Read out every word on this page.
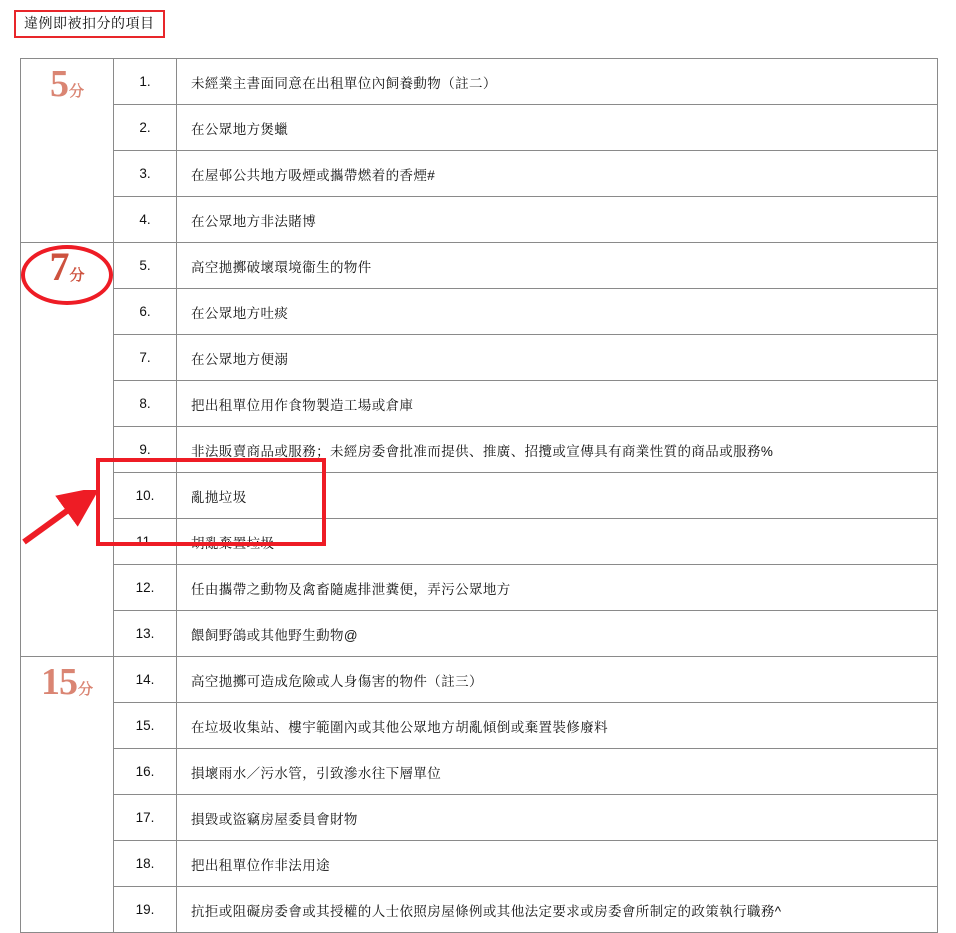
違例即被扣分的項目
5分	1.	未經業主書面同意在出租單位內飼養動物（註二）
	2.	在公眾地方煲蠟
	3.	在屋邨公共地方吸煙或攜帶燃着的香煙#
	4.	在公眾地方非法賭博

7分	5.	高空拋擲破壞環境衞生的物件
	6.	在公眾地方吐痰
	7.	在公眾地方便溺
	8.	把出租單位用作食物製造工場或倉庫
	9.	非法販賣商品或服務；未經房委會批准而提供、推廣、招攬或宣傳具有商業性質的商品或服務%
	10.	亂拋垃圾
	11.	胡亂棄置垃圾
	12.	任由攜帶之動物及禽畜隨處排泄糞便，弄污公眾地方
	13.	餵飼野鴿或其他野生動物@

15分	14.	高空拋擲可造成危險或人身傷害的物件（註三）
	15.	在垃圾收集站、樓宇範圍內或其他公眾地方胡亂傾倒或棄置裝修廢料
	16.	損壞雨水／污水管，引致滲水往下層單位
	17.	損毀或盜竊房屋委員會財物
	18.	把出租單位作非法用途
	19.	抗拒或阻礙房委會或其授權的人士依照房屋條例或其他法定要求或房委會所制定的政策執行職務^
